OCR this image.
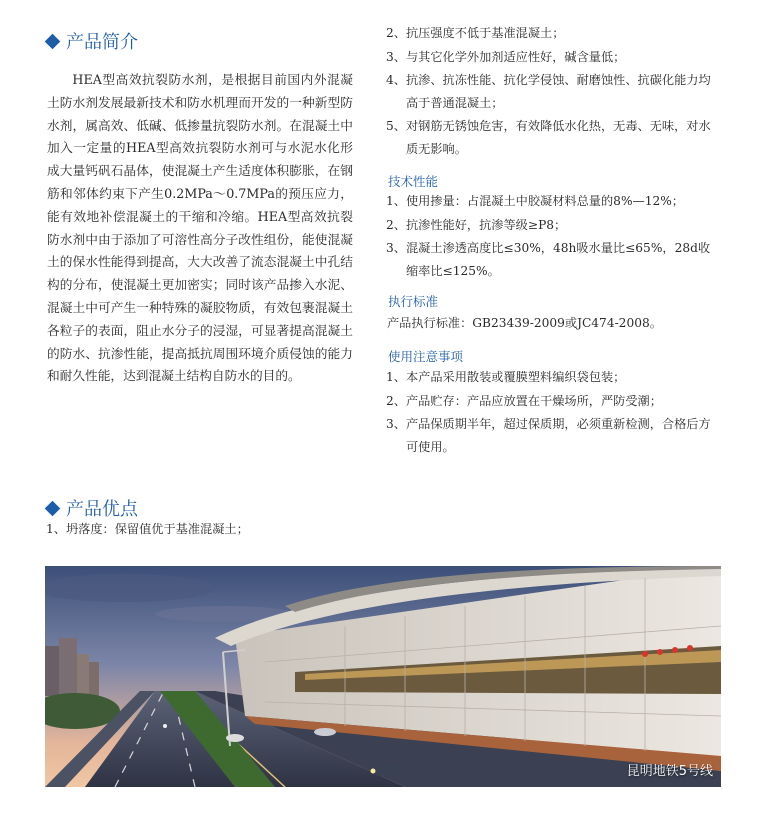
产品简介

HEA型高效抗裂防水剂，是根据目前国内外混凝土防水剂发展最新技术和防水机理而开发的一种新型防水剂，属高效、低碱、低掺量抗裂防水剂。在混凝土中加入一定量的HEA型高效抗裂防水剂可与水泥水化形成大量钙矾石晶体，使混凝土产生适度体积膨胀，在钢筋和邻体约束下产生0.2MPa～0.7MPa的预压应力，能有效地补偿混凝土的干缩和冷缩。HEA型高效抗裂防水剂中由于添加了可溶性高分子改性组份，能使混凝土的保水性能得到提高，大大改善了流态混凝土中孔结构的分布，使混凝土更加密实；同时该产品掺入水泥、混凝土中可产生一种特殊的凝胶物质，有效包裹混凝土各粒子的表面，阻止水分子的浸湿，可显著提高混凝土的防水、抗渗性能，提高抵抗周围环境介质侵蚀的能力和耐久性能，达到混凝土结构自防水的目的。

产品优点
1、 坍落度：保留值优于基准混凝土；
2、 抗压强度不低于基准混凝土；
3、 与其它化学外加剂适应性好，碱含量低；
4、 抗渗、抗冻性能、抗化学侵蚀、耐磨蚀性、抗碳化能力均高于普通混凝土；
5、 对钢筋无锈蚀危害，有效降低水化热，无毒、无味，对水质无影响。
技术性能
1、 使用掺量：占混凝土中胶凝材料总量的8%—12%；
2、 抗渗性能好，抗渗等级≥P8；
3、 混凝土渗透高度比≤30%，48h吸水量比≤65%，28d收缩率比≤125%。
执行标准
产品执行标准：GB23439-2009或JC474-2008。
使用注意事项
1、 本产品采用散装或覆膜塑料编织袋包装；
2、 产品贮存：产品应放置在干燥场所，严防受潮；
3、 产品保质期半年，超过保质期，必须重新检测，合格后方可使用。
昆明地铁5号线
